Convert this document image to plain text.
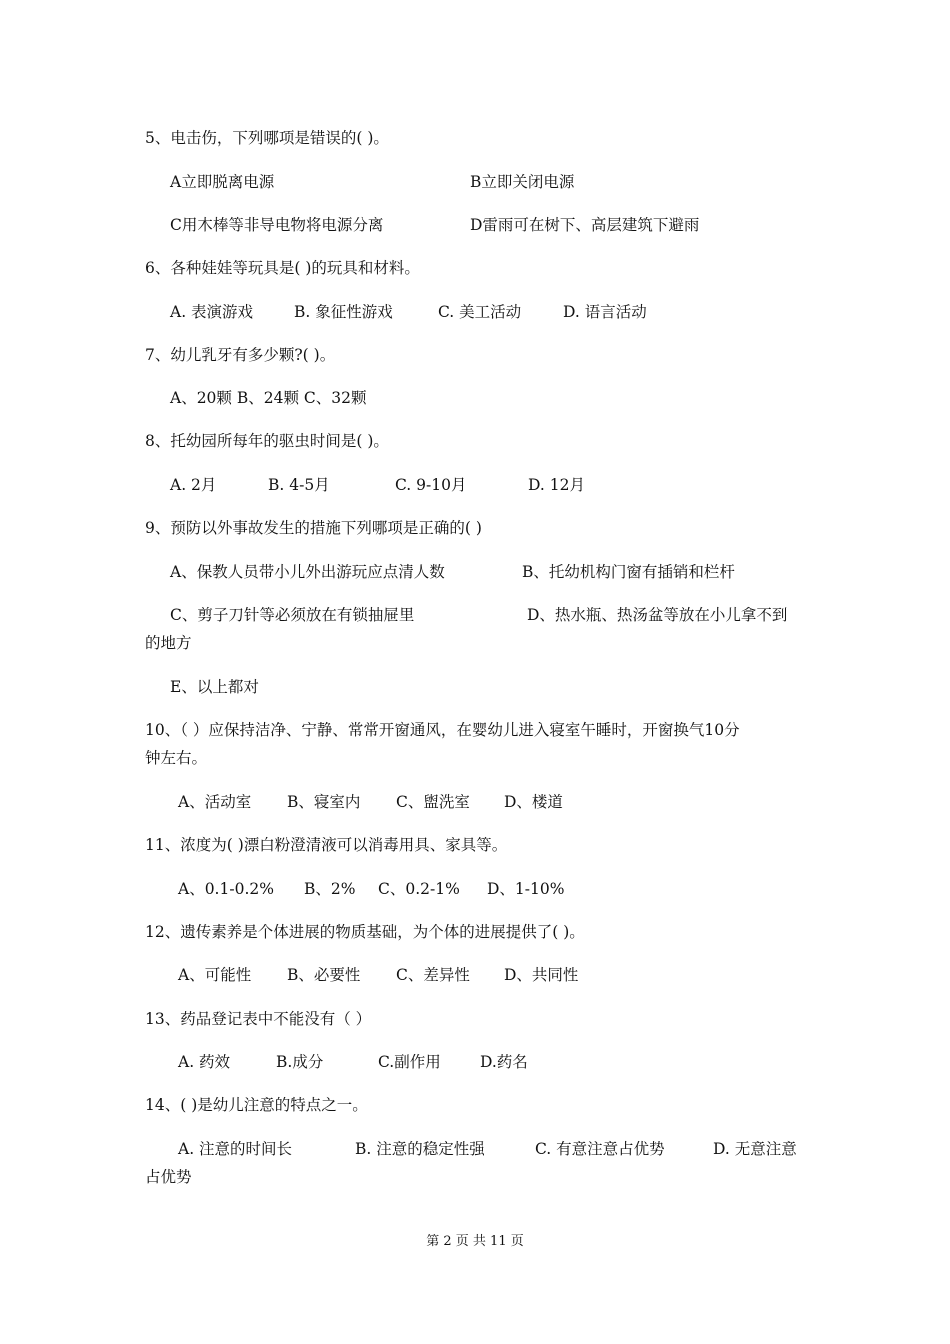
5、电击伤，下列哪项是错误的( )。
A立即脱离电源	B立即关闭电源
C用木棒等非导电物将电源分离	D雷雨可在树下、高层建筑下避雨
6、各种娃娃等玩具是( )的玩具和材料。
A. 表演游戏	B. 象征性游戏	C. 美工活动	D. 语言活动
7、幼儿乳牙有多少颗?( )。
A、20颗 B、24颗 C、32颗
8、托幼园所每年的驱虫时间是( )。
A. 2月	B. 4-5月	C. 9-10月	D. 12月
9、预防以外事故发生的措施下列哪项是正确的( )
A、保教人员带小儿外出游玩应点清人数	B、托幼机构门窗有插销和栏杆
C、剪子刀针等必须放在有锁抽屉里	D、热水瓶、热汤盆等放在小儿拿不到
的地方
E、以上都对
10、（ ）应保持洁净、宁静、常常开窗通风，在婴幼儿进入寝室午睡时，开窗换气10分
钟左右。
A、活动室 B、寝室内 C、盥洗室 D、楼道
11、浓度为( )漂白粉澄清液可以消毒用具、家具等。
A、0.1-0.2% B、2% C、0.2-1% D、1-10%
12、遗传素养是个体进展的物质基础，为个体的进展提供了( )。
A、可能性 B、必要性 C、差异性 D、共同性
13、药品登记表中不能没有（ ）
A. 药效	B.成分	C.副作用	D.药名
14、( )是幼儿注意的特点之一。
A. 注意的时间长	B. 注意的稳定性强	C. 有意注意占优势	D. 无意注意
占优势
第 2 页 共 11 页
